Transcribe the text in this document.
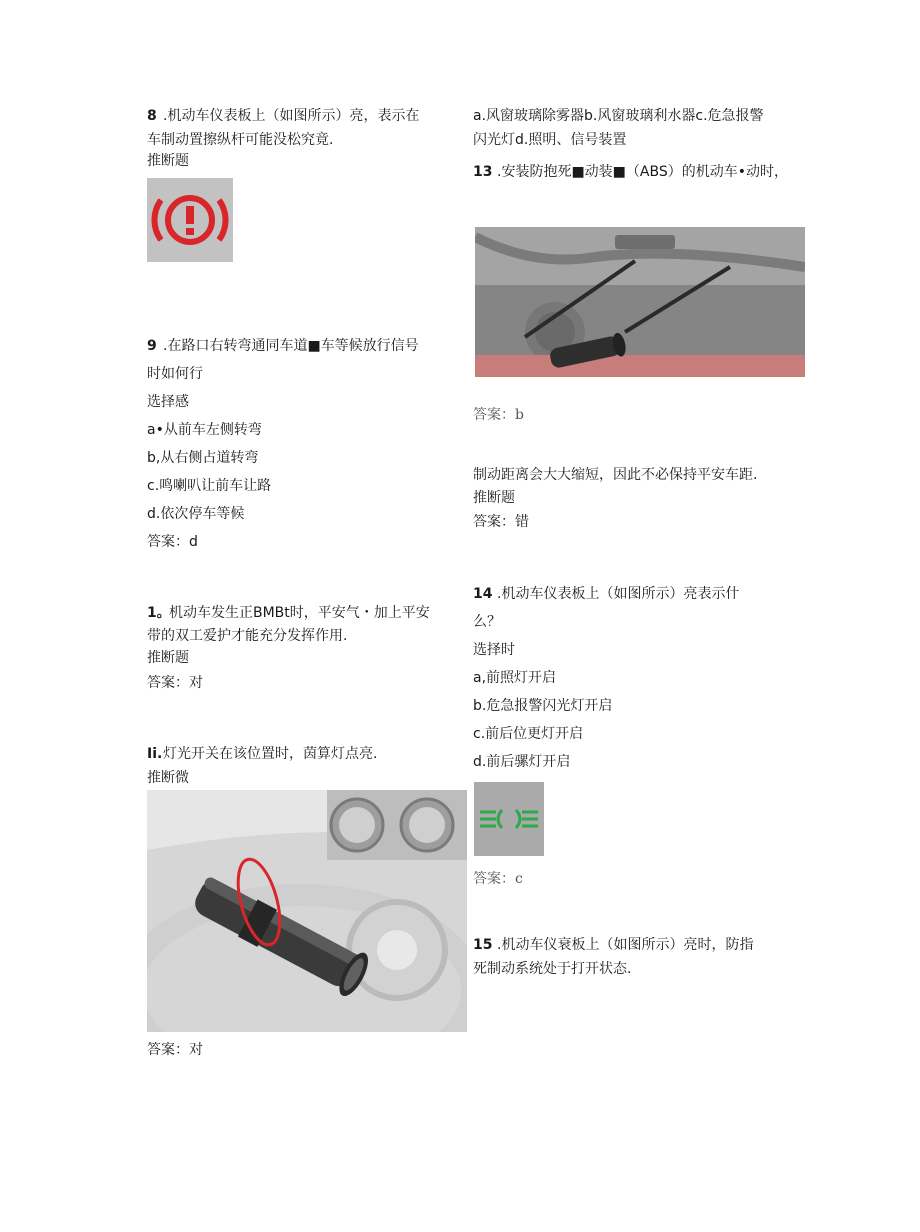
8 .机动车仪表板上（如图所示）亮，表示在
车制动置擦纵杆可能没松究竟.
推断题
9 .在路口右转弯通同车道■车等候放行信号
时如何行
选择感
a•从前车左侧转弯
b,从右侧占道转弯
c.鸣喇叭让前车让路
d.依次停车等候
答案：d
1。
机动车发生正BMBt时，平安气・加上平安
带的双工爱护才能充分发挥作用.
推断题
答案：对
Ii. 灯光开关在该位置时，茵算灯点亮.
推断微
答案：对
a.风窗玻璃除雾器b.风窗玻璃利水器c.危急报警
闪光灯d.照明、信号装置
13 .安装防抱死■动装■（ABS）的机动车•动时，
答案：b
制动距离会大大缩短，因此不必保持平安车距.
推断题
答案：错
14 .机动车仪表板上（如图所示）亮表示什
么？
选择时
a,前照灯开启
b.危急报警闪光灯开启
c.前后位更灯开启
d.前后骡灯开启
答案：c
15 .机动车仪衰板上（如图所示）亮时，防指
死制动系统处于打开状态.
